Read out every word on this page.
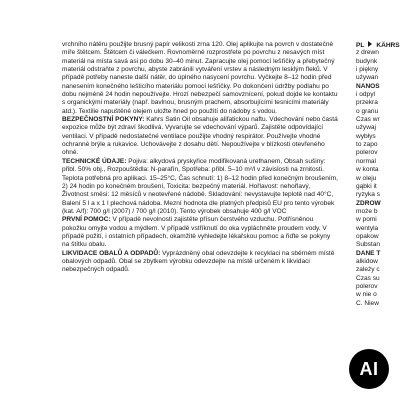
vrchního nátěru použijte brusný papír velikosti zrna 120. Olej aplikujte na povrch v dostatečné míře štětcem. Štětcem či válečkem. Rovnoměrně rozprostřete po povrchu z nesavých míst materiál na místa savá asi po dobu 30–40 minut. Zapracujte olej pomocí lešťičky a přebytečný materiál odstraňte z povrchu, abyste zabránili vytváření vrstev a následným lesklým fleků. V případě potřeby naneste další nátěr, do úplného nasycení povrchu. Vyčkejte 8–12 hodin před nanesením konečného lešticího materiálu pomocí lešťičky. Po dokončení údržby podlahu po dobu nejméně 24 hodin nepoužívejte. Hrozí nebezpečí samovznícení, pokud dojde ke kontaktu s organickými materiály (např. bavlnou, brusným prachem, absorbujícími tesnicími materiály atd.). Textilie napuštěné olejem uložte hned po použití do nádoby s vodou.

BEZPEČNOSTNÍ POKYNY: Kahrs Satin Oil obsahuje alifatickou naftu. Vdechování nebo častá expozice může být zdraví škodlivá. Vyvarujte se vdechování výparů. Zajistěte odpovídající ventilaci. V případě nedostatečné ventilace použijte vhodný respirátor. Používejte vhodné ochranné brýle a rukavice. Uchovávejte z dosahu dětí. Nepoužívejte v blízkosti otevřeného ohně.

TECHNICKÉ ÚDAJE: Pojiva: alkydová pryskyřice modifikovaná urethanem, Obsah sušiny: přibl. 50% obj., Rozpouštědla: N-parafín, Spotřeba: přibl. 5–10 m²/l v závislosti na zrnitosti. Teplota potřebná pro aplikaci. 15–25°C, Čas schnutí: 1) 8–12 hodin před konečným broušením, 2) 24 hodin po konečném broušení, Toxicita: bezpečný materiál. Hořlavost: nehořlavý, Životnost směsi: 12 měsíců v neotevřené nádobě. Skladování: nevystavujte teplotě nad 40°C, Balení 5 l a x 1 l plechová nádoba. Mezní hodnota dle platných předpisů EU pro tento výrobek (kat. A/f): 700 g/l (2007) / 700 g/l (2010). Tento výrobek obsahuje 400 g/l VOC

PRVNÍ POMOC: V případě nevolnosti zajistěte přísun čerstvého vzduchu. Potřísněnou pokožku omyjte vodou a mýdlem. V případě vstříknutí do oka vypláchněte proudem vody. V případě požití, i ostatních případech, okamžitě vyhledejte lékařskou pomoc a řiďte se pokyny na štítku obalu.

LIKVIDACE OBALŮ A ODPADŮ: Vyprázdněný obal odevzdejte k recyklaci na sběrném místě obalových odpadů. Obal se zbytkem výrobku odevzdejte na místě určeném k likvidaci nebezpečných odpadů.

PL KÄHRS
z drewn
budynk
i piękny
używan
NANOS
i odpyl
przekra
o granu
Czas wr
używaj
wybłys
to zapo
polerov
normal
w konta
w oleju
gąbki it
ryzyka s
ZDROW
może b
w pomi
wentyla
opakow
Substan
DANE T
alkidow
zależy c
Czas su
polerov
w nie o
C. Niew
AI
